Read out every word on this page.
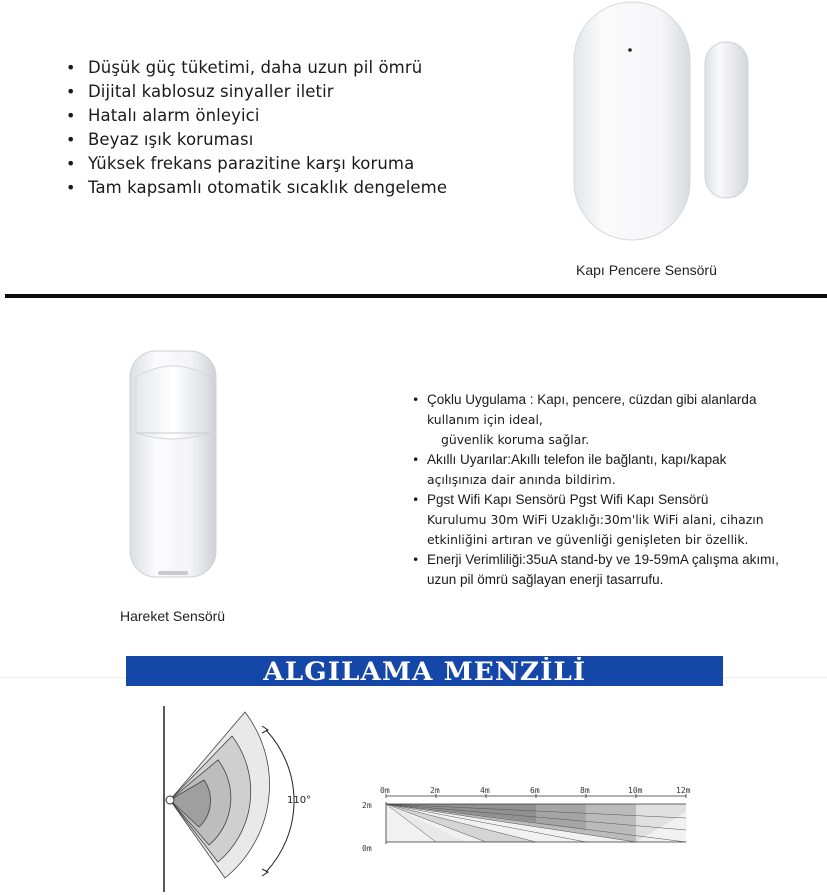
• Düşük güç tüketimi, daha uzun pil ömrü
• Dijital kablosuz sinyaller iletir
• Hatalı alarm önleyici
• Beyaz ışık koruması
• Yüksek frekans parazitine karşı koruma
• Tam kapsamlı otomatik sıcaklık dengeleme
Kapı Pencere Sensörü
Hareket Sensörü
• Çoklu Uygulama : Kapı, pencere, cüzdan gibi alanlarda
kullanım için ideal,
güvenlik koruma sağlar.
• Akıllı Uyarılar:Akıllı telefon ile bağlantı, kapı/kapak
açılışınıza dair anında bildirim.
• Pgst Wifi Kapı Sensörü Pgst Wifi Kapı Sensörü
Kurulumu 30m WiFi Uzaklığı:30m'lik WiFi alani, cihazın
etkinliğini artıran ve güvenliği genişleten bir özellik.
• Enerji Verimliliği:35uA stand-by ve 19-59mA çalışma akımı,
uzun pil ömrü sağlayan enerji tasarrufu.
ALGILAMA MENZİLİ
110°
0m	2m	4m	6m	8m	10m	12m
2m
0m
